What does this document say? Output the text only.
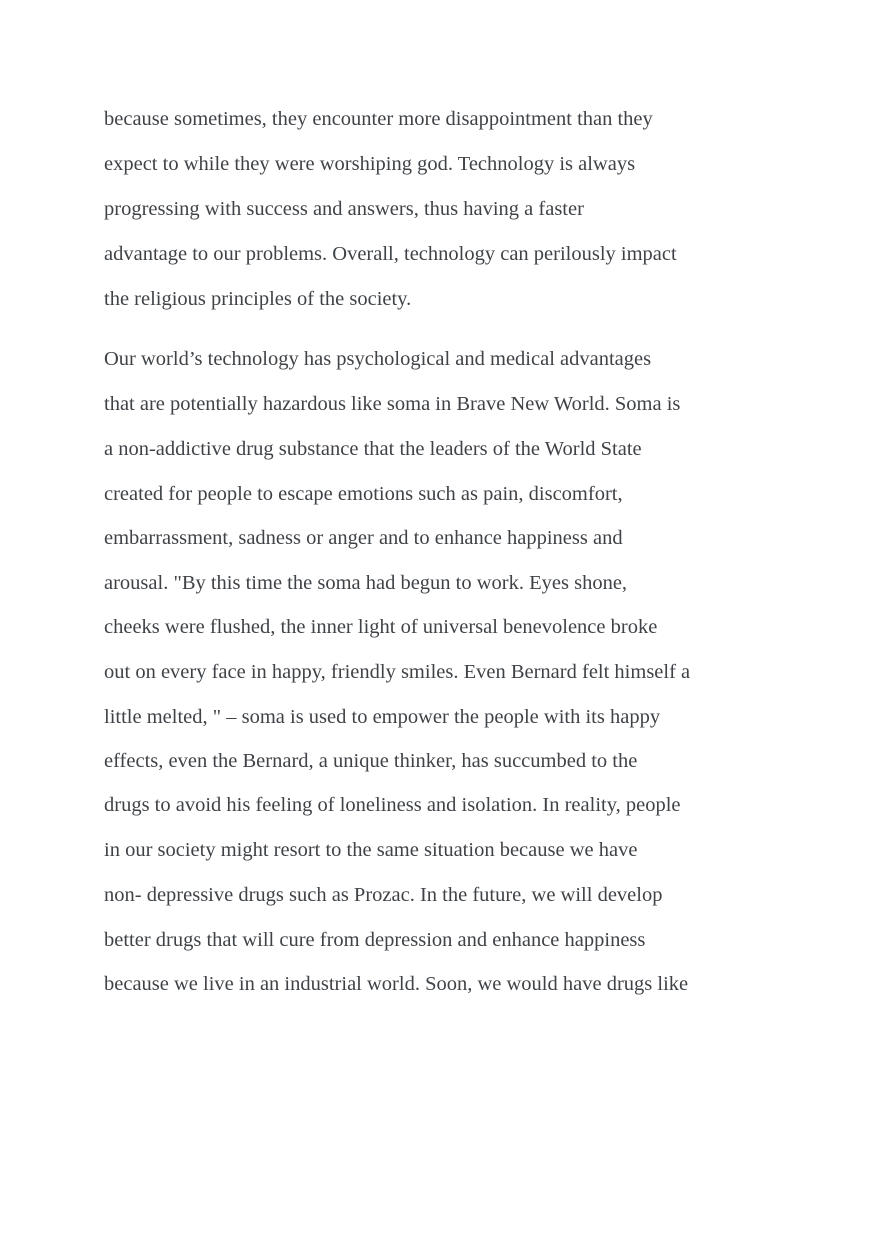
because sometimes, they encounter more disappointment than they

expect to while they were worshiping god. Technology is always

progressing with success and answers, thus having a faster

advantage to our problems. Overall, technology can perilously impact

the religious principles of the society.

Our world’s technology has psychological and medical advantages

that are potentially hazardous like soma in Brave New World. Soma is

a non-addictive drug substance that the leaders of the World State

created for people to escape emotions such as pain, discomfort,

embarrassment, sadness or anger and to enhance happiness and

arousal. "By this time the soma had begun to work. Eyes shone,

cheeks were flushed, the inner light of universal benevolence broke

out on every face in happy, friendly smiles. Even Bernard felt himself a

little melted, " – soma is used to empower the people with its happy

effects, even the Bernard, a unique thinker, has succumbed to the

drugs to avoid his feeling of loneliness and isolation. In reality, people

in our society might resort to the same situation because we have

non- depressive drugs such as Prozac. In the future, we will develop

better drugs that will cure from depression and enhance happiness

because we live in an industrial world. Soon, we would have drugs like
